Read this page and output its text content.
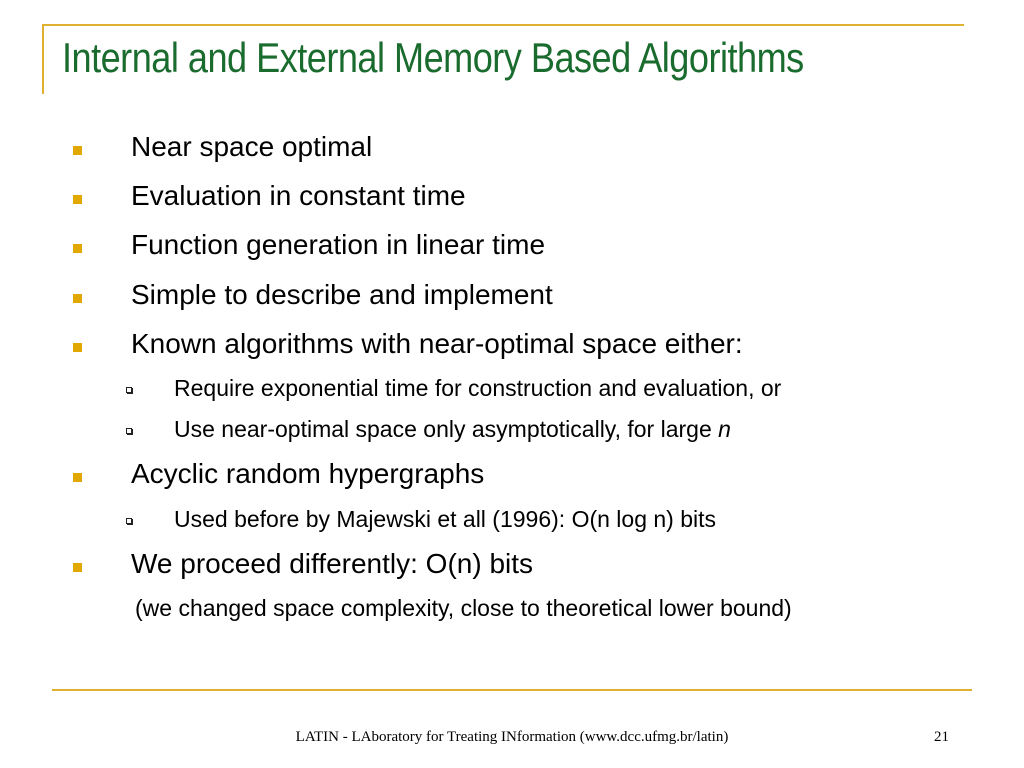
Internal and External Memory Based Algorithms
Near space optimal
Evaluation in constant time
Function generation in linear time
Simple to describe and implement
Known algorithms with near-optimal space either:
Require exponential time for construction and evaluation, or
Use near-optimal space only asymptotically, for large n
Acyclic random hypergraphs
Used before by Majewski et all (1996): O(n log n) bits
We proceed differently: O(n) bits
(we changed space complexity, close to theoretical lower bound)
LATIN - LAboratory for Treating INformation (www.dcc.ufmg.br/latin)	21
